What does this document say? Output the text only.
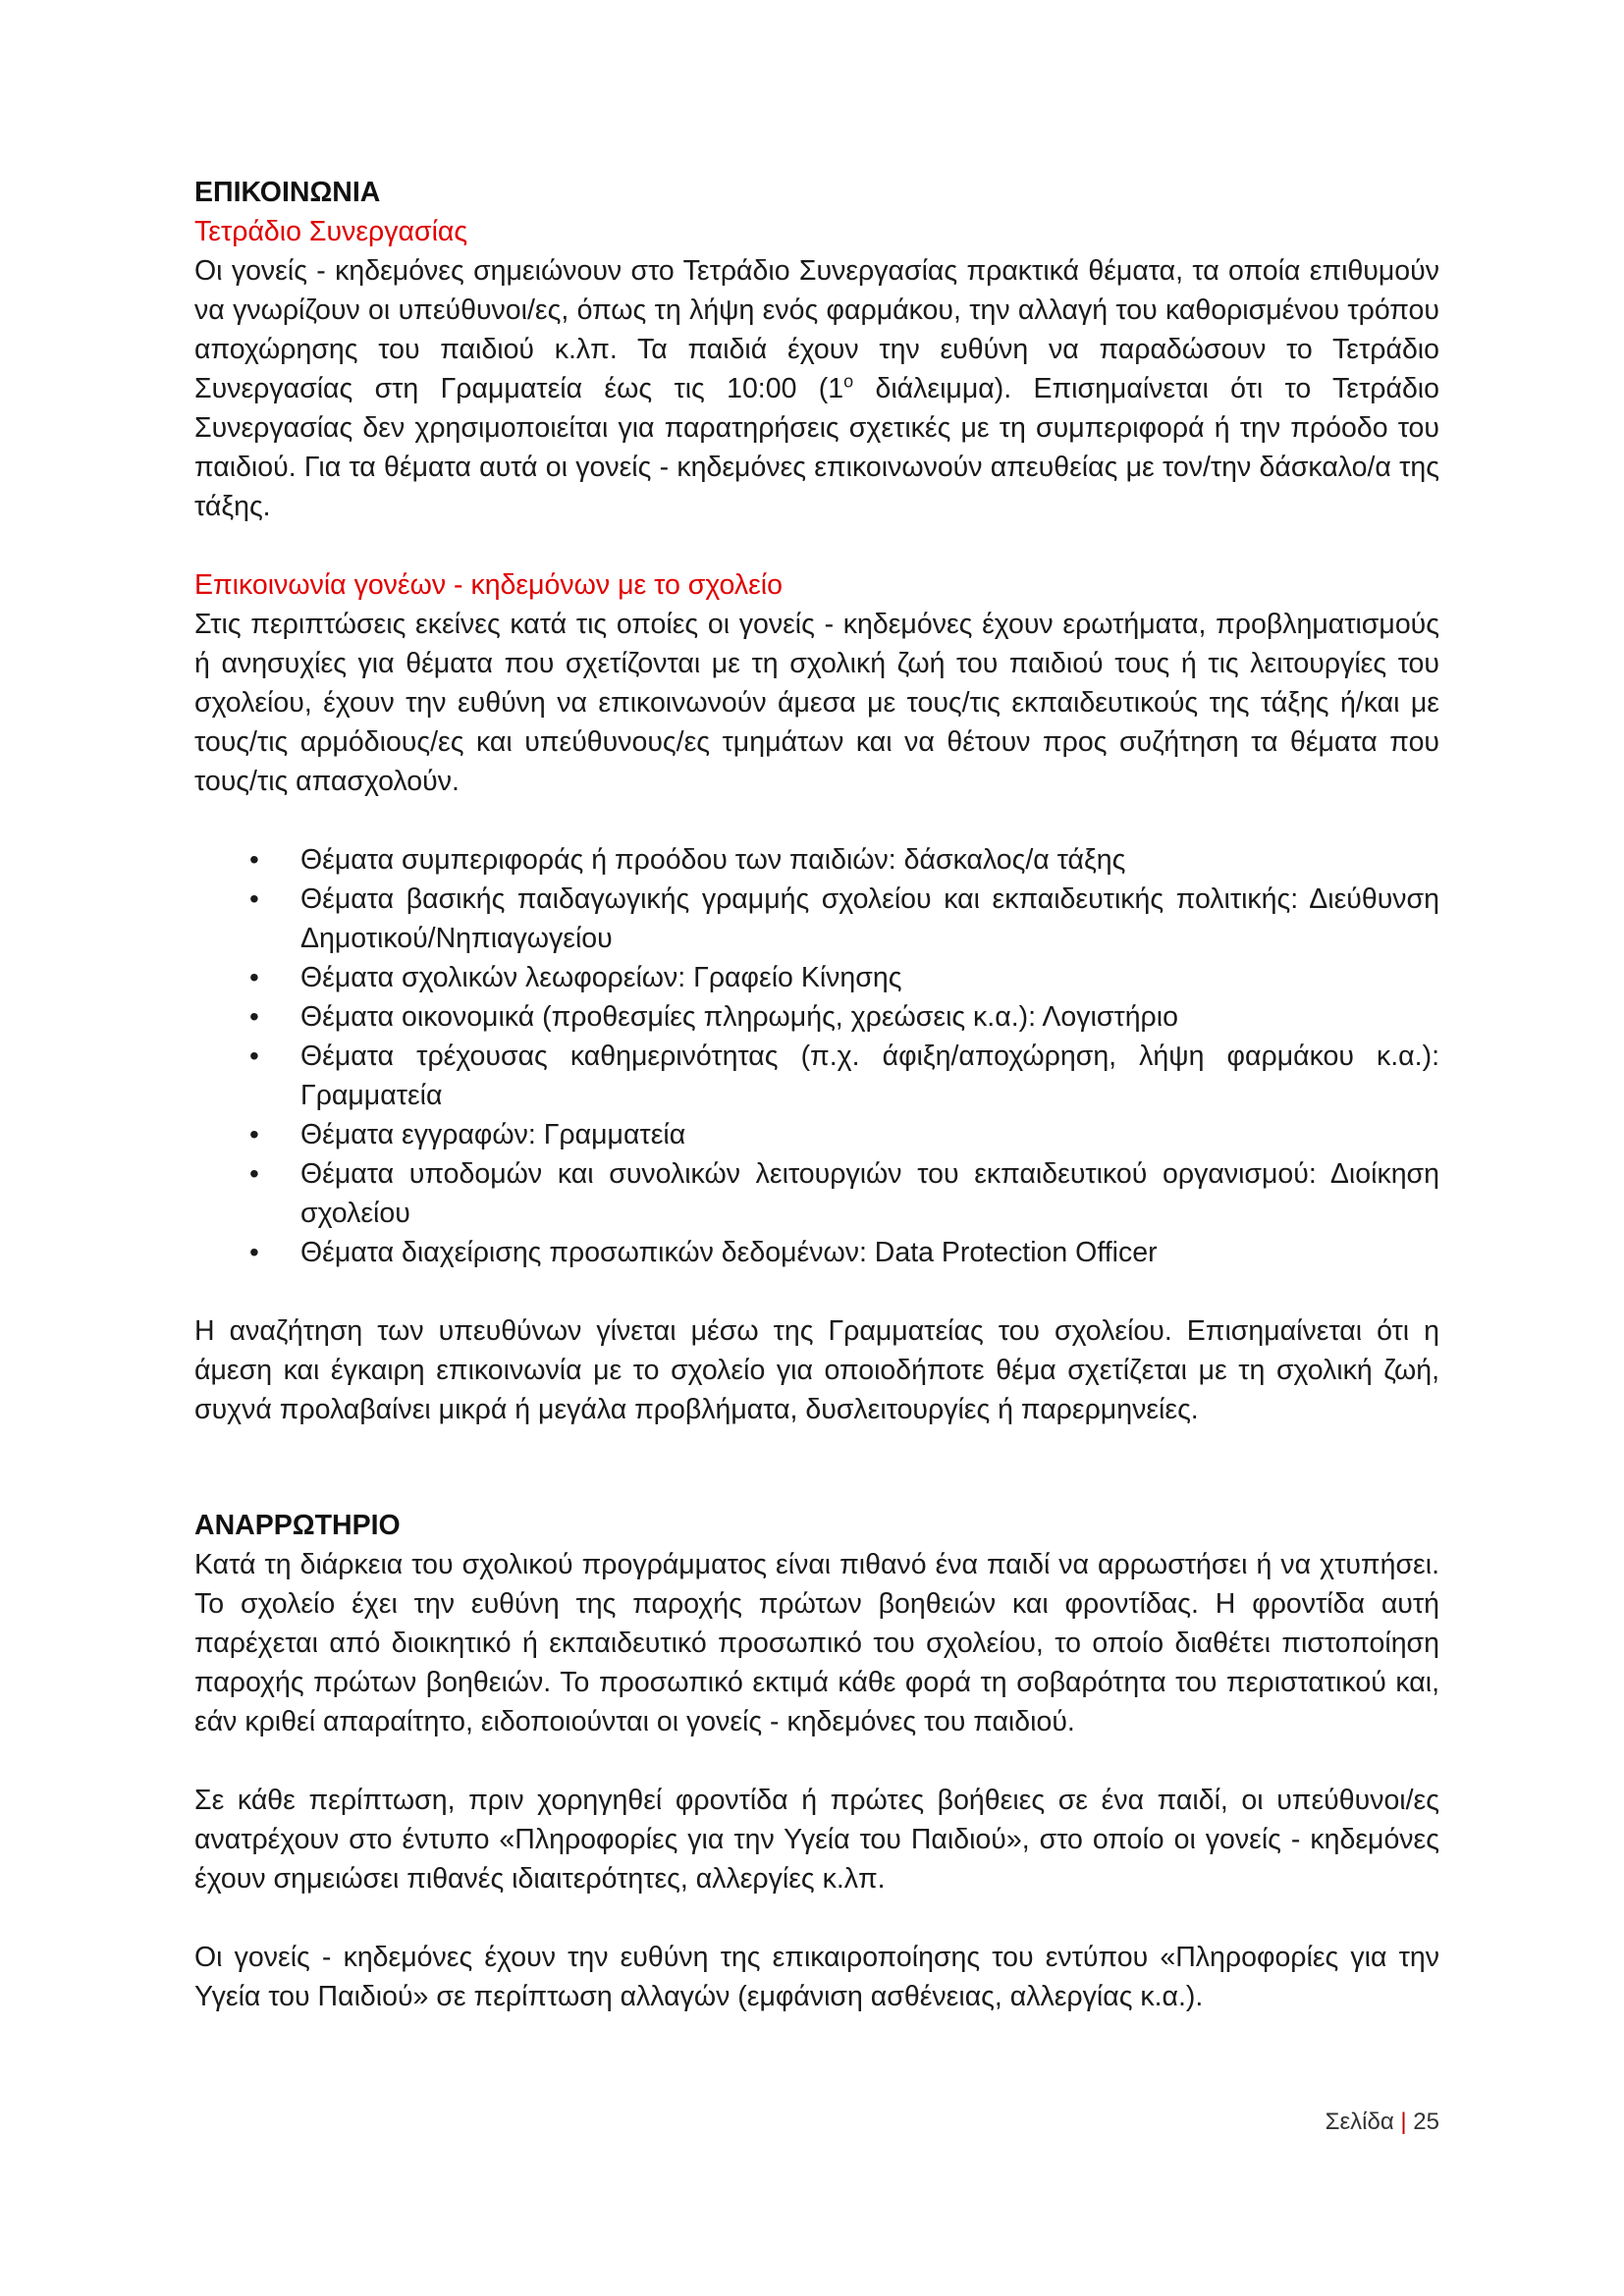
ΕΠΙΚΟΙΝΩΝΙΑ
Τετράδιο Συνεργασίας

Οι γονείς - κηδεμόνες σημειώνουν στο Τετράδιο Συνεργασίας πρακτικά θέματα, τα οποία επιθυμούν να γνωρίζουν οι υπεύθυνοι/ες, όπως τη λήψη ενός φαρμάκου, την αλλαγή του καθορισμένου τρόπου αποχώρησης του παιδιού κ.λπ. Τα παιδιά έχουν την ευθύνη να παραδώσουν το Τετράδιο Συνεργασίας στη Γραμματεία έως τις 10:00 ($1^o$ διάλειμμα). Επισημαίνεται ότι το Τετράδιο Συνεργασίας δεν χρησιμοποιείται για παρατηρήσεις σχετικές με τη συμπεριφορά ή την πρόοδο του παιδιού. Για τα θέματα αυτά οι γονείς - κηδεμόνες επικοινωνούν απευθείας με τον/την δάσκαλο/α της τάξης.

Επικοινωνία γονέων - κηδεμόνων με το σχολείο

Στις περιπτώσεις εκείνες κατά τις οποίες οι γονείς - κηδεμόνες έχουν ερωτήματα, προβληματισμούς ή ανησυχίες για θέματα που σχετίζονται με τη σχολική ζωή του παιδιού τους ή τις λειτουργίες του σχολείου, έχουν την ευθύνη να επικοινωνούν άμεσα με τους/τις εκπαιδευτικούς της τάξης ή/και με τους/τις αρμόδιους/ες και υπεύθυνους/ες τμημάτων και να θέτουν προς συζήτηση τα θέματα που τους/τις απασχολούν.

• Θέματα συμπεριφοράς ή προόδου των παιδιών: δάσκαλος/α τάξης
• Θέματα βασικής παιδαγωγικής γραμμής σχολείου και εκπαιδευτικής πολιτικής: Διεύθυνση Δημοτικού/Νηπιαγωγείου
• Θέματα σχολικών λεωφορείων: Γραφείο Κίνησης
• Θέματα οικονομικά (προθεσμίες πληρωμής, χρεώσεις κ.α.): Λογιστήριο
• Θέματα τρέχουσας καθημερινότητας (π.χ. άφιξη/αποχώρηση, λήψη φαρμάκου κ.α.): Γραμματεία
• Θέματα εγγραφών: Γραμματεία
• Θέματα υποδομών και συνολικών λειτουργιών του εκπαιδευτικού οργανισμού: Διοίκηση σχολείου
• Θέματα διαχείρισης προσωπικών δεδομένων: Data Protection Officer

Η αναζήτηση των υπευθύνων γίνεται μέσω της Γραμματείας του σχολείου. Επισημαίνεται ότι η άμεση και έγκαιρη επικοινωνία με το σχολείο για οποιοδήποτε θέμα σχετίζεται με τη σχολική ζωή, συχνά προλαβαίνει μικρά ή μεγάλα προβλήματα, δυσλειτουργίες ή παρερμηνείες.

ΑΝΑΡΡΩΤΗΡΙΟ

Κατά τη διάρκεια του σχολικού προγράμματος είναι πιθανό ένα παιδί να αρρωστήσει ή να χτυπήσει. Το σχολείο έχει την ευθύνη της παροχής πρώτων βοηθειών και φροντίδας. Η φροντίδα αυτή παρέχεται από διοικητικό ή εκπαιδευτικό προσωπικό του σχολείου, το οποίο διαθέτει πιστοποίηση παροχής πρώτων βοηθειών. Το προσωπικό εκτιμά κάθε φορά τη σοβαρότητα του περιστατικού και, εάν κριθεί απαραίτητο, ειδοποιούνται οι γονείς - κηδεμόνες του παιδιού.

Σε κάθε περίπτωση, πριν χορηγηθεί φροντίδα ή πρώτες βοήθειες σε ένα παιδί, οι υπεύθυνοι/ες ανατρέχουν στο έντυπο «Πληροφορίες για την Υγεία του Παιδιού», στο οποίο οι γονείς - κηδεμόνες έχουν σημειώσει πιθανές ιδιαιτερότητες, αλλεργίες κ.λπ.

Οι γονείς - κηδεμόνες έχουν την ευθύνη της επικαιροποίησης του εντύπου «Πληροφορίες για την Υγεία του Παιδιού» σε περίπτωση αλλαγών (εμφάνιση ασθένειας, αλλεργίας κ.α.).

Σελίδα | 25
